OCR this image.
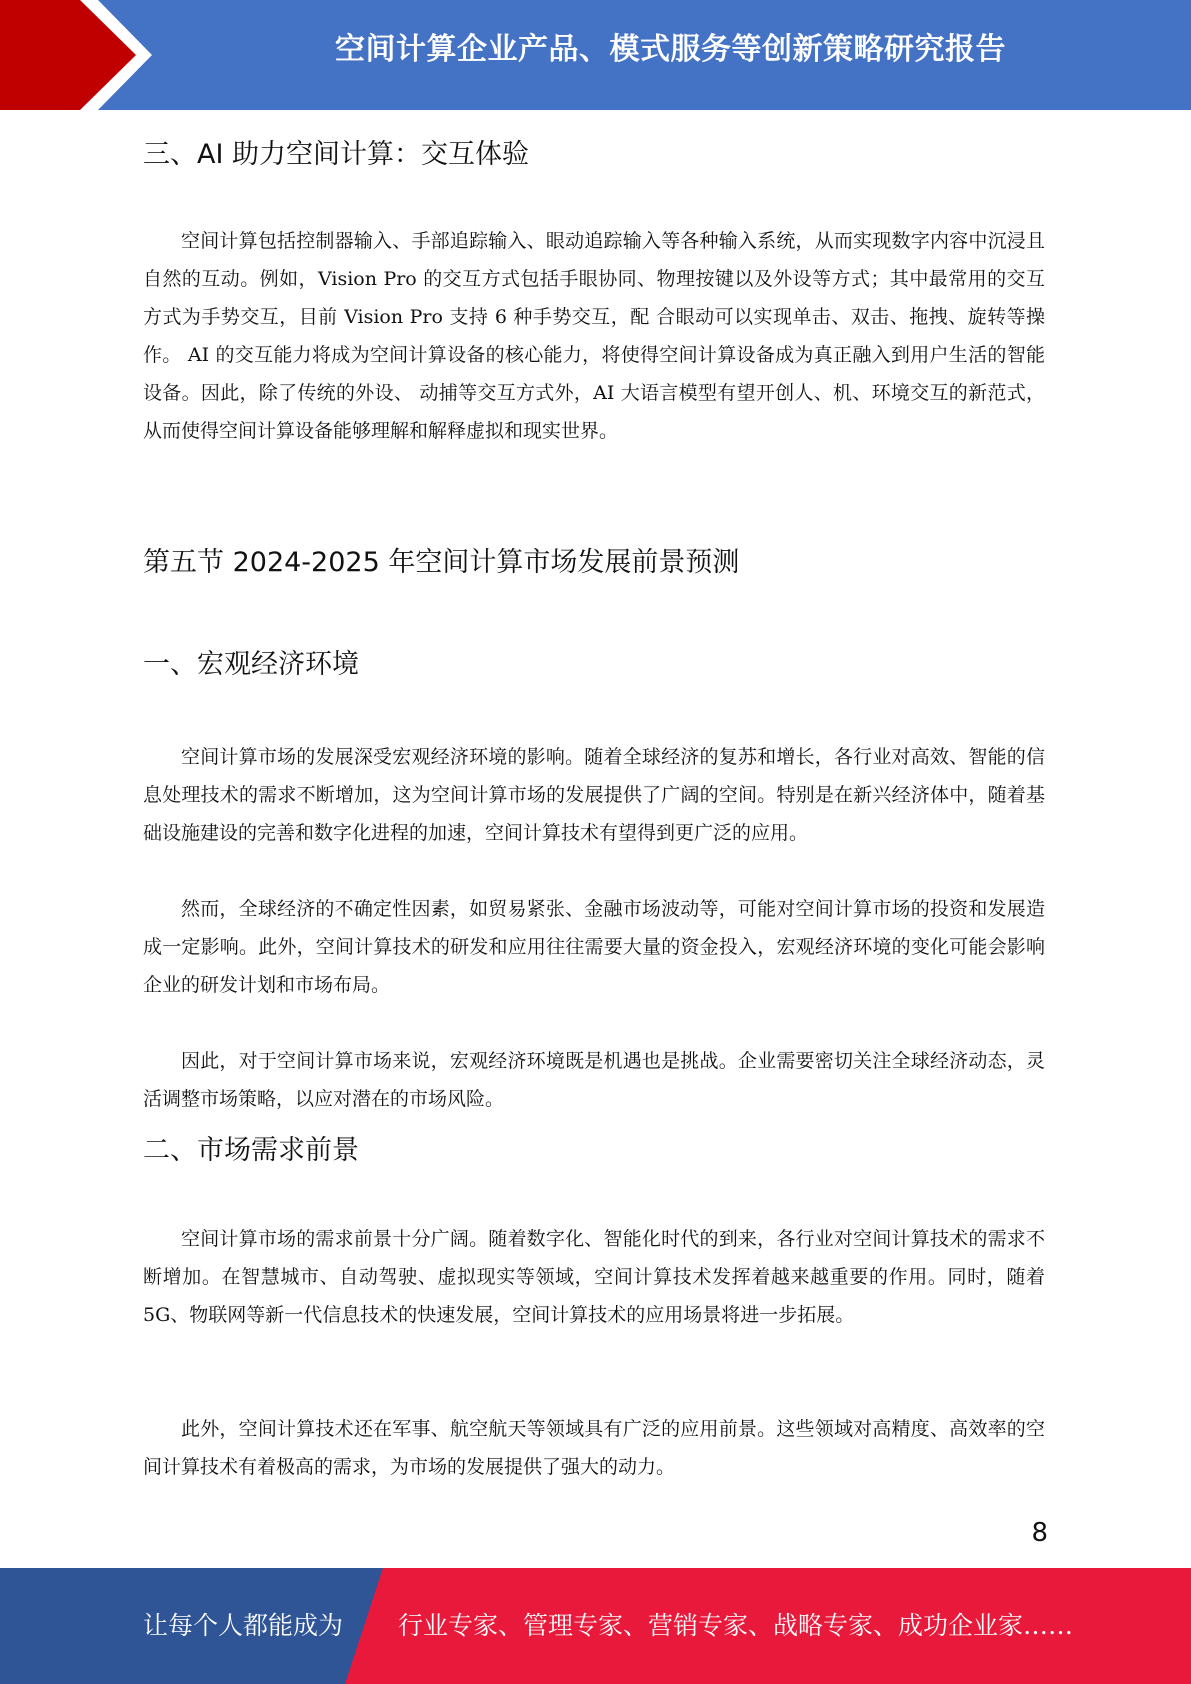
空间计算企业产品、模式服务等创新策略研究报告
三、AI 助力空间计算：交互体验

空间计算包括控制器输入、手部追踪输入、眼动追踪输入等各种输入系统，从而实现数字内容中沉浸且自然的互动。例如，Vision Pro 的交互方式包括手眼协同、物理按键以及外设等方式；其中最常用的交互方式为手势交互，目前 Vision Pro 支持 6 种手势交互，配 合眼动可以实现单击、双击、拖拽、旋转等操作。 AI 的交互能力将成为空间计算设备的核心能力，将使得空间计算设备成为真正融入到用户生活的智能设备。因此，除了传统的外设、 动捕等交互方式外，AI 大语言模型有望开创人、机、环境交互的新范式，从而使得空间计算设备能够理解和解释虚拟和现实世界。

第五节 2024-2025 年空间计算市场发展前景预测
一、宏观经济环境

空间计算市场的发展深受宏观经济环境的影响。随着全球经济的复苏和增长，各行业对高效、智能的信息处理技术的需求不断增加，这为空间计算市场的发展提供了广阔的空间。特别是在新兴经济体中，随着基础设施建设的完善和数字化进程的加速，空间计算技术有望得到更广泛的应用。

然而，全球经济的不确定性因素，如贸易紧张、金融市场波动等，可能对空间计算市场的投资和发展造成一定影响。此外，空间计算技术的研发和应用往往需要大量的资金投入，宏观经济环境的变化可能会影响企业的研发计划和市场布局。

因此，对于空间计算市场来说，宏观经济环境既是机遇也是挑战。企业需要密切关注全球经济动态，灵活调整市场策略，以应对潜在的市场风险。

二、市场需求前景

空间计算市场的需求前景十分广阔。随着数字化、智能化时代的到来，各行业对空间计算技术的需求不断增加。在智慧城市、自动驾驶、虚拟现实等领域，空间计算技术发挥着越来越重要的作用。同时，随着 5G、物联网等新一代信息技术的快速发展，空间计算技术的应用场景将进一步拓展。

此外，空间计算技术还在军事、航空航天等领域具有广泛的应用前景。这些领域对高精度、高效率的空间计算技术有着极高的需求，为市场的发展提供了强大的动力。

8
让每个人都能成为 行业专家、管理专家、营销专家、战略专家、成功企业家……
